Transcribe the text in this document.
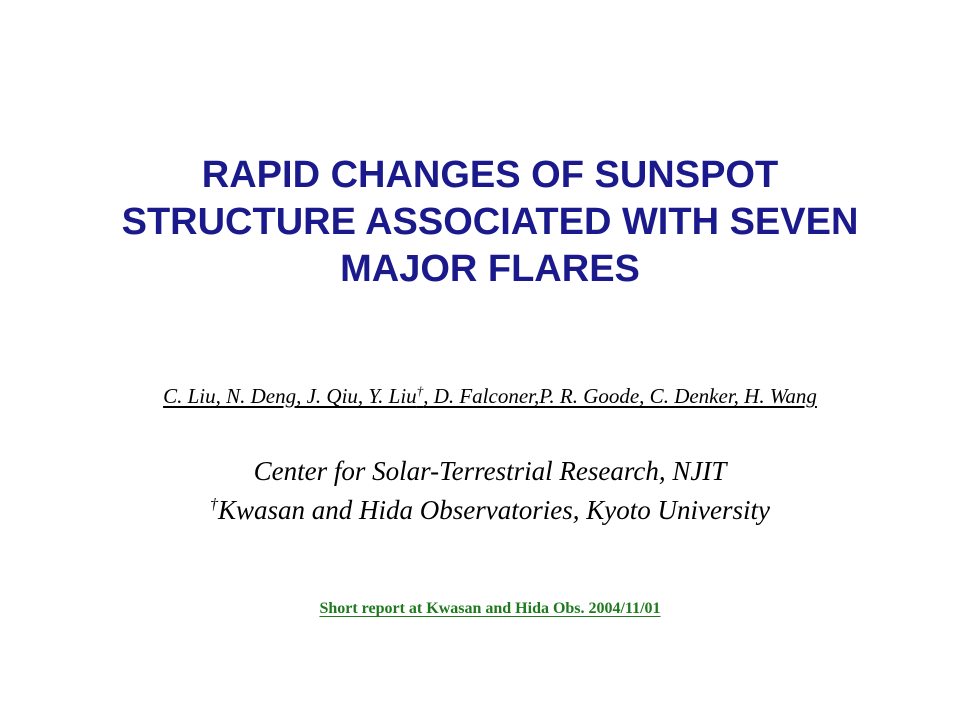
RAPID CHANGES OF SUNSPOT
STRUCTURE ASSOCIATED WITH SEVEN
MAJOR FLARES
C. Liu, N. Deng, J. Qiu, Y. Liu†, D. Falconer,P. R. Goode, C. Denker, H. Wang
Center for Solar-Terrestrial Research, NJIT
†Kwasan and Hida Observatories, Kyoto University
Short report at Kwasan and Hida Obs. 2004/11/01
